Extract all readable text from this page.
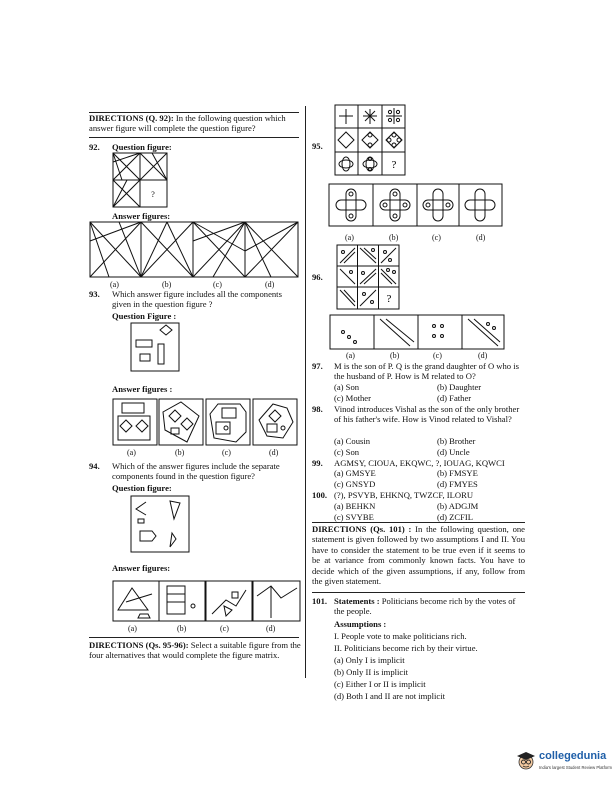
DIRECTIONS (Q. 92): In the following question which answer figure will complete the question figure?
92. Question figure:
?
Answer figures:
(a)	(b)	(c)	(d)
93. Which answer figure includes all the components given in the question figure ?
Question Figure :
Answer figures :
(a)	(b)	(c)	(d)
94. Which of the answer figures include the separate components found in the question figure?
Question figure:
Answer figures:
(a)	(b)	(c)	(d)
DIRECTIONS (Qs. 95-96): Select a suitable figure from the four alternatives that would complete the figure matrix.
95.
?
(a)	(b)	(c)	(d)
96.
?
(a)	(b)	(c)	(d)
97. M is the son of P. Q is the grand daughter of O who is the husband of P. How is M related to O?
(a) Son	(b) Daughter
(c) Mother	(d) Father
98. Vinod introduces Vishal as the son of the only brother of his father's wife. How is Vinod related to Vishal?
(a) Cousin	(b) Brother
(c) Son	(d) Uncle
99. AGMSY, CIOUA, EKQWC, ?, IOUAG, KQWCI
(a) GMSYE	(b) FMSYE
(c) GNSYD	(d) FMYES
100. (?), PSVYB, EHKNQ, TWZCF, ILORU
(a) BEHKN	(b) ADGJM
(c) SVYBE	(d) ZCFIL
DIRECTIONS (Qs. 101) : In the following question, one statement is given followed by two assumptions I and II. You have to consider the statement to be true even if it seems to be at variance from commonly known facts. You have to decide which of the given assumptions, if any, follow from the given statement.
101. Statements : Politicians become rich by the votes of the people.
Assumptions :
I. People vote to make politicians rich.
II. Politicians become rich by their virtue.
(a) Only I is implicit
(b) Only II is implicit
(c) Either I or II is implicit
(d) Both I and II are not implicit
collegedunia
India's largest Student Review Platform
